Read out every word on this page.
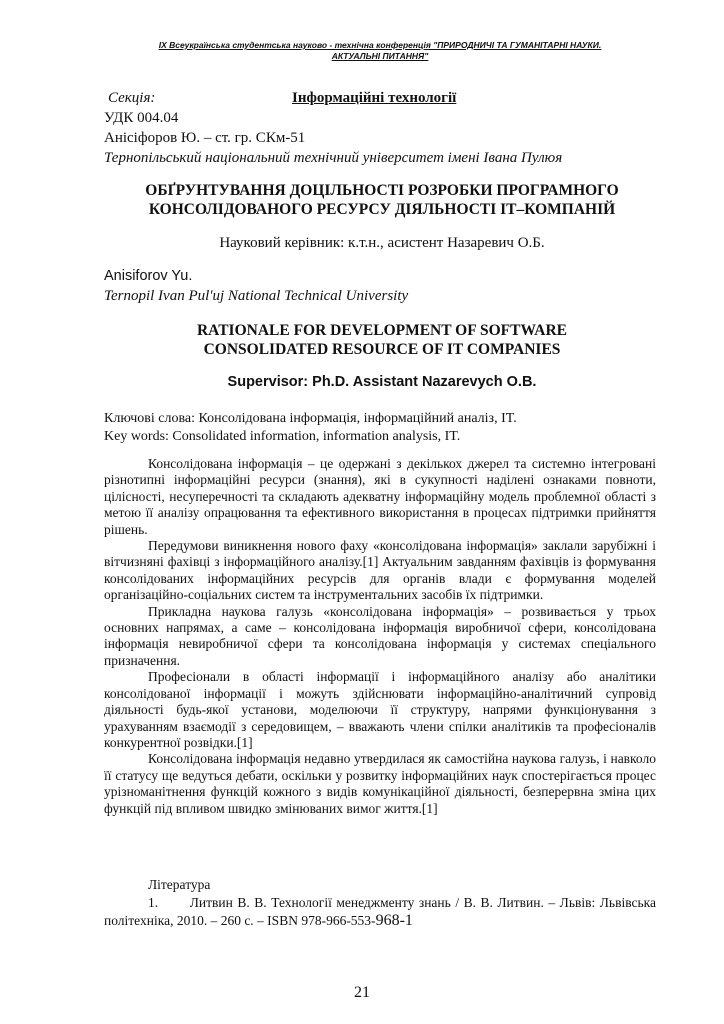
IX Всеукраїнська студентська науково - технічна конференція "ПРИРОДНИЧІ ТА ГУМАНІТАРНІ НАУКИ.
АКТУАЛЬНІ ПИТАННЯ"
Секція:	Інформаційні технології
УДК 004.04
Анісіфоров Ю. – ст. гр. СКм-51
Тернопільський національний технічний університет імені Івана Пулюя
ОБҐРУНТУВАННЯ ДОЦІЛЬНОСТІ РОЗРОБКИ ПРОГРАМНОГО
КОНСОЛІДОВАНОГО РЕСУРСУ ДІЯЛЬНОСТІ ІТ–КОМПАНІЙ
Науковий керівник: к.т.н., асистент Назаревич О.Б.
Anisiforov Yu.
Ternopil Ivan Pul'uj National Technical University
RATIONALE FOR DEVELOPMENT OF SOFTWARE
CONSOLIDATED RESOURCE OF IT COMPANIES
Supervisor: Ph.D. Assistant Nazarevych O.B.
Ключові слова: Консолідована інформація, інформаційний аналіз, IT.
Key words: Consolidated information, information analysis, IT.

Консолідована інформація – це одержані з декількох джерел та системно інтегровані різнотипні інформаційні ресурси (знання), які в сукупності наділені ознаками повноти, цілісності, несуперечності та складають адекватну інформаційну модель проблемної області з метою її аналізу опрацювання та ефективного використання в процесах підтримки прийняття рішень.

Передумови виникнення нового фаху «консолідована інформація» заклали зарубіжні і вітчизняні фахівці з інформаційного аналізу.[1] Актуальним завданням фахівців із формування консолідованих інформаційних ресурсів для органів влади є формування моделей організаційно-соціальних систем та інструментальних засобів їх підтримки.

Прикладна наукова галузь «консолідована інформація» – розвивається у трьох основних напрямах, а саме – консолідована інформація виробничої сфери, консолідована інформація невиробничої сфери та консолідована інформація у системах спеціального призначення.

Професіонали в області інформації і інформаційного аналізу або аналітики консолідованої інформації і можуть здійснювати інформаційно-аналітичний супровід діяльності будь-якої установи, моделюючи її структуру, напрями функціонування з урахуванням взаємодії з середовищем, – вважають члени спілки аналітиків та професіоналів конкурентної розвідки.[1]

Консолідована інформація недавно утвердилася як самостійна наукова галузь, і навколо її статусу ще ведуться дебати, оскільки у розвитку інформаційних наук спостерігається процес урізноманітнення функцій кожного з видів комунікаційної діяльності, безперервна зміна цих функцій під впливом швидко змінюваних вимог життя.[1]

Література
1.       Литвин В. В. Технології менеджменту знань / В. В. Литвин. – Львів: Львівська політехніка, 2010. – 260 с. – ISBN 978-966-553-968-1
21
